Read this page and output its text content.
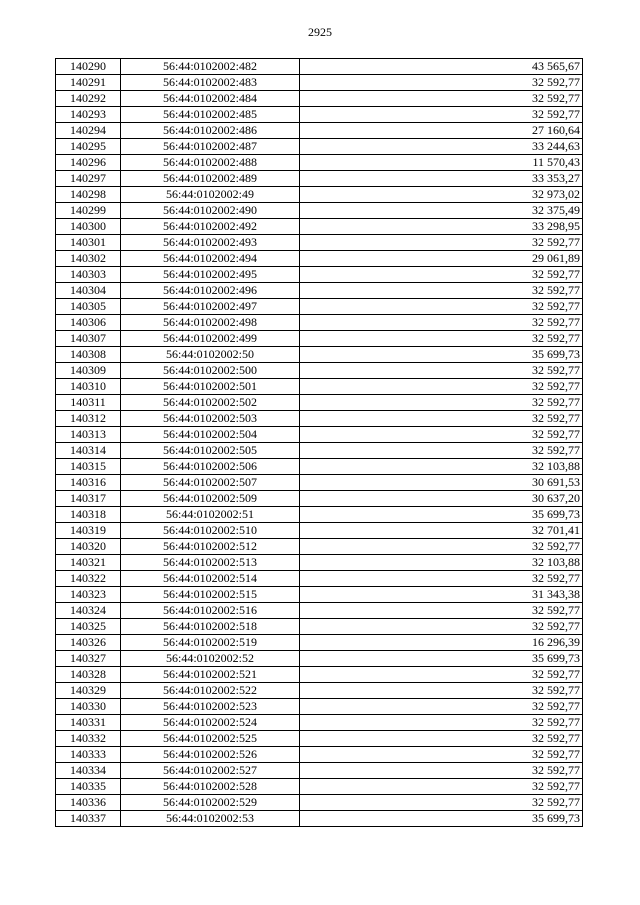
2925
140290	56:44:0102002:482	43 565,67
140291	56:44:0102002:483	32 592,77
140292	56:44:0102002:484	32 592,77
140293	56:44:0102002:485	32 592,77
140294	56:44:0102002:486	27 160,64
140295	56:44:0102002:487	33 244,63
140296	56:44:0102002:488	11 570,43
140297	56:44:0102002:489	33 353,27
140298	56:44:0102002:49	32 973,02
140299	56:44:0102002:490	32 375,49
140300	56:44:0102002:492	33 298,95
140301	56:44:0102002:493	32 592,77
140302	56:44:0102002:494	29 061,89
140303	56:44:0102002:495	32 592,77
140304	56:44:0102002:496	32 592,77
140305	56:44:0102002:497	32 592,77
140306	56:44:0102002:498	32 592,77
140307	56:44:0102002:499	32 592,77
140308	56:44:0102002:50	35 699,73
140309	56:44:0102002:500	32 592,77
140310	56:44:0102002:501	32 592,77
140311	56:44:0102002:502	32 592,77
140312	56:44:0102002:503	32 592,77
140313	56:44:0102002:504	32 592,77
140314	56:44:0102002:505	32 592,77
140315	56:44:0102002:506	32 103,88
140316	56:44:0102002:507	30 691,53
140317	56:44:0102002:509	30 637,20
140318	56:44:0102002:51	35 699,73
140319	56:44:0102002:510	32 701,41
140320	56:44:0102002:512	32 592,77
140321	56:44:0102002:513	32 103,88
140322	56:44:0102002:514	32 592,77
140323	56:44:0102002:515	31 343,38
140324	56:44:0102002:516	32 592,77
140325	56:44:0102002:518	32 592,77
140326	56:44:0102002:519	16 296,39
140327	56:44:0102002:52	35 699,73
140328	56:44:0102002:521	32 592,77
140329	56:44:0102002:522	32 592,77
140330	56:44:0102002:523	32 592,77
140331	56:44:0102002:524	32 592,77
140332	56:44:0102002:525	32 592,77
140333	56:44:0102002:526	32 592,77
140334	56:44:0102002:527	32 592,77
140335	56:44:0102002:528	32 592,77
140336	56:44:0102002:529	32 592,77
140337	56:44:0102002:53	35 699,73
